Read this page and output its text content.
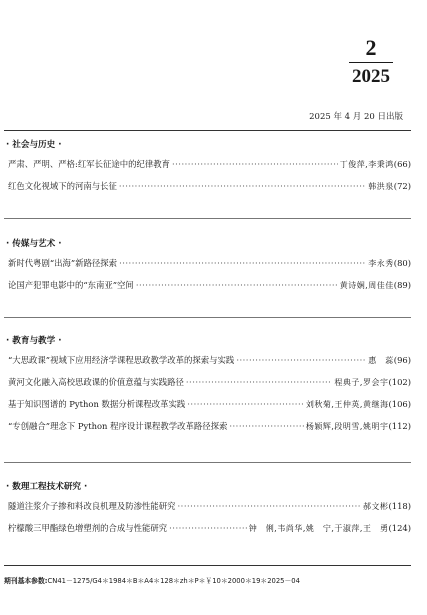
2
2025
2025 年 4 月 20 日出版
· 社会与历史 ·
严肃、严明、严格:红军长征途中的纪律教育 ·····	丁俊萍,李秉鸿 (66)
红色文化视域下的河南与长征 ·····	韩洪泉 (72)
· 传媒与艺术 ·
新时代粤剧“出海”新路径探索 ·····	李永秀 (80)
论国产犯罪电影中的“东南亚”空间 ·····	黄诗娴,周佳佳 (89)
· 教育与教学 ·
“大思政课”视域下应用经济学课程思政教学改革的探索与实践 ·····	惠　蕊 (96)
黄河文化融入高校思政课的价值意蕴与实践路径 ·····	程典子,罗会宇 (102)
基于知识图谱的 Python 数据分析课程改革实践 ·····	刘秋菊,王仲英,黄继海 (106)
“专创融合”理念下 Python 程序设计课程教学改革路径探索 ·····	杨颖辉,段明雪,姚明宇 (112)
· 数理工程技术研究 ·
隧道注浆介子掺和料改良机理及防渗性能研究 ·····	郝文彬 (118)
柠檬酸三甲酯绿色增塑剂的合成与性能研究 ·····	钟　俐,韦尚华,姚　宁,于淑萍,王　勇 (124)
期刊基本参数:CN41－1275/G4＊1984＊B＊A4＊128＊zh＊P＊￥10＊2000＊19＊2025－04
